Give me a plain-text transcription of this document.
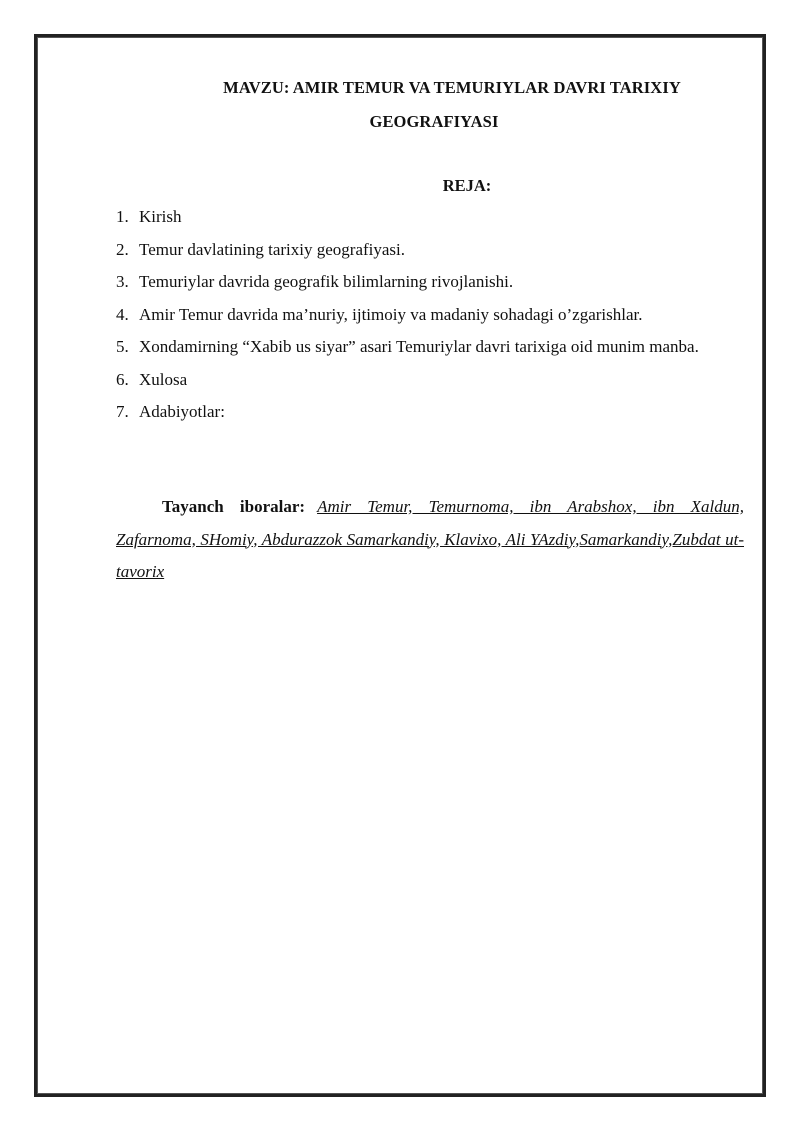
MAVZU: AMIR TEMUR VA TEMURIYLAR DAVRI TARIXIY
GEOGRAFIYASI
REJA:
1. Kirish
2. Temur davlatining tarixiy geografiyasi.
3. Temuriylar davrida geografik bilimlarning rivojlanishi.
4. Amir Temur davrida ma’nuriy, ijtimoiy va madaniy sohadagi o’zgarishlar.
5. Xondamirning “Xabib us siyar” asari Temuriylar davri tarixiga oid munim manba.
6. Xulosa
7. Adabiyotlar:

Tayanch iboralar: Amir Temur, Temurnoma, ibn Arabshox, ibn Xaldun, Zafarnoma, SHomiy, Abdurazzok Samarkandiy, Klavixo, Ali YAzdiy,Samarkandiy,Zubdat ut-tavorix
